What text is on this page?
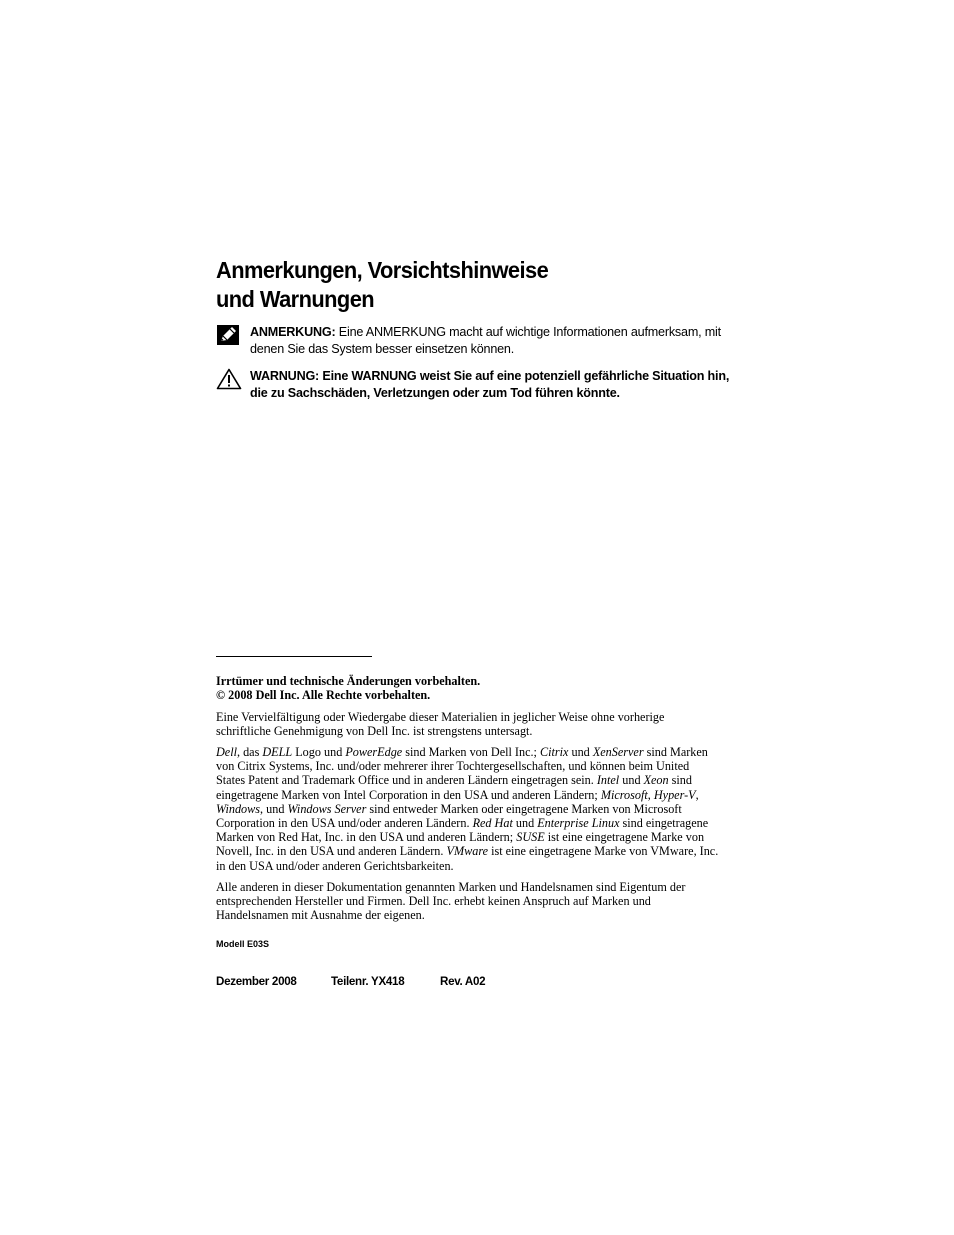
Anmerkungen, Vorsichtshinweise
und Warnungen
ANMERKUNG: Eine ANMERKUNG macht auf wichtige Informationen aufmerksam, mit denen Sie das System besser einsetzen können.
WARNUNG: Eine WARNUNG weist Sie auf eine potenziell gefährliche Situation hin, die zu Sachschäden, Verletzungen oder zum Tod führen könnte.

Irrtümer und technische Änderungen vorbehalten.
© 2008 Dell Inc. Alle Rechte vorbehalten.

Eine Vervielfältigung oder Wiedergabe dieser Materialien in jeglicher Weise ohne vorherige schriftliche Genehmigung von Dell Inc. ist strengstens untersagt.

Dell, das DELL Logo und PowerEdge sind Marken von Dell Inc.; Citrix und XenServer sind Marken von Citrix Systems, Inc. und/oder mehrerer ihrer Tochtergesellschaften, und können beim United States Patent and Trademark Office und in anderen Ländern eingetragen sein. Intel und Xeon sind eingetragene Marken von Intel Corporation in den USA und anderen Ländern; Microsoft, Hyper-V, Windows, und Windows Server sind entweder Marken oder eingetragene Marken von Microsoft Corporation in den USA und/oder anderen Ländern. Red Hat und Enterprise Linux sind eingetragene Marken von Red Hat, Inc. in den USA und anderen Ländern; SUSE ist eine eingetragene Marke von Novell, Inc. in den USA und anderen Ländern. VMware ist eine eingetragene Marke von VMware, Inc. in den USA und/oder anderen Gerichtsbarkeiten.

Alle anderen in dieser Dokumentation genannten Marken und Handelsnamen sind Eigentum der entsprechenden Hersteller und Firmen. Dell Inc. erhebt keinen Anspruch auf Marken und Handelsnamen mit Ausnahme der eigenen.

Modell E03S
Dezember 2008	Teilenr. YX418	Rev. A02
